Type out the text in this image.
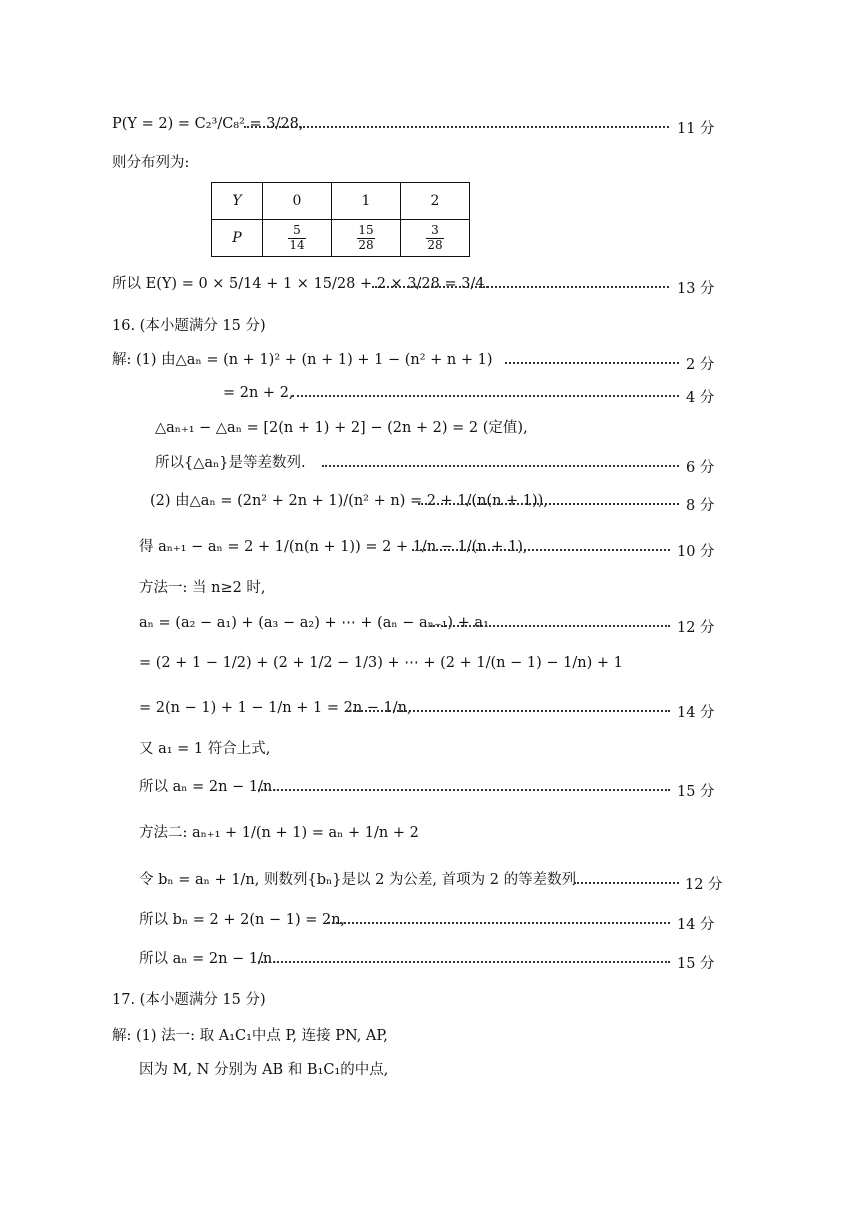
P(Y = 2) = C₂³/C₈² = 3/28,	11 分
则分布列为:
Y	0	1	2
P	$\frac{5}{14}$	$\frac{15}{28}$	$\frac{3}{28}$
所以 E(Y) = 0 × 5/14 + 1 × 15/28 + 2 × 3/28 = 3/4.	13 分
16. (本小题满分 15 分)
解: (1) 由△aₙ = (n + 1)² + (n + 1) + 1 − (n² + n + 1)	2 分
= 2n + 2,	4 分
△aₙ₊₁ − △aₙ = [2(n + 1) + 2] − (2n + 2) = 2 (定值),
所以{△aₙ}是等差数列.	6 分
(2) 由△aₙ = (2n² + 2n + 1)/(n² + n) = 2 + 1/(n(n + 1)),	8 分
得 aₙ₊₁ − aₙ = 2 + 1/(n(n + 1)) = 2 + 1/n − 1/(n + 1),	10 分
方法一: 当 n≥2 时,
aₙ = (a₂ − a₁) + (a₃ − a₂) + ⋯ + (aₙ − aₙ₋₁) + a₁	12 分
= (2 + 1 − 1/2) + (2 + 1/2 − 1/3) + ⋯ + (2 + 1/(n − 1) − 1/n) + 1
= 2(n − 1) + 1 − 1/n + 1 = 2n − 1/n,	14 分
又 a₁ = 1 符合上式,
所以 aₙ = 2n − 1/n.	15 分
方法二: aₙ₊₁ + 1/(n + 1) = aₙ + 1/n + 2
令 bₙ = aₙ + 1/n, 则数列{bₙ}是以 2 为公差, 首项为 2 的等差数列	12 分
所以 bₙ = 2 + 2(n − 1) = 2n,	14 分
所以 aₙ = 2n − 1/n.	15 分
17. (本小题满分 15 分)
解: (1) 法一: 取 A₁C₁中点 P, 连接 PN, AP,
因为 M, N 分别为 AB 和 B₁C₁的中点,
